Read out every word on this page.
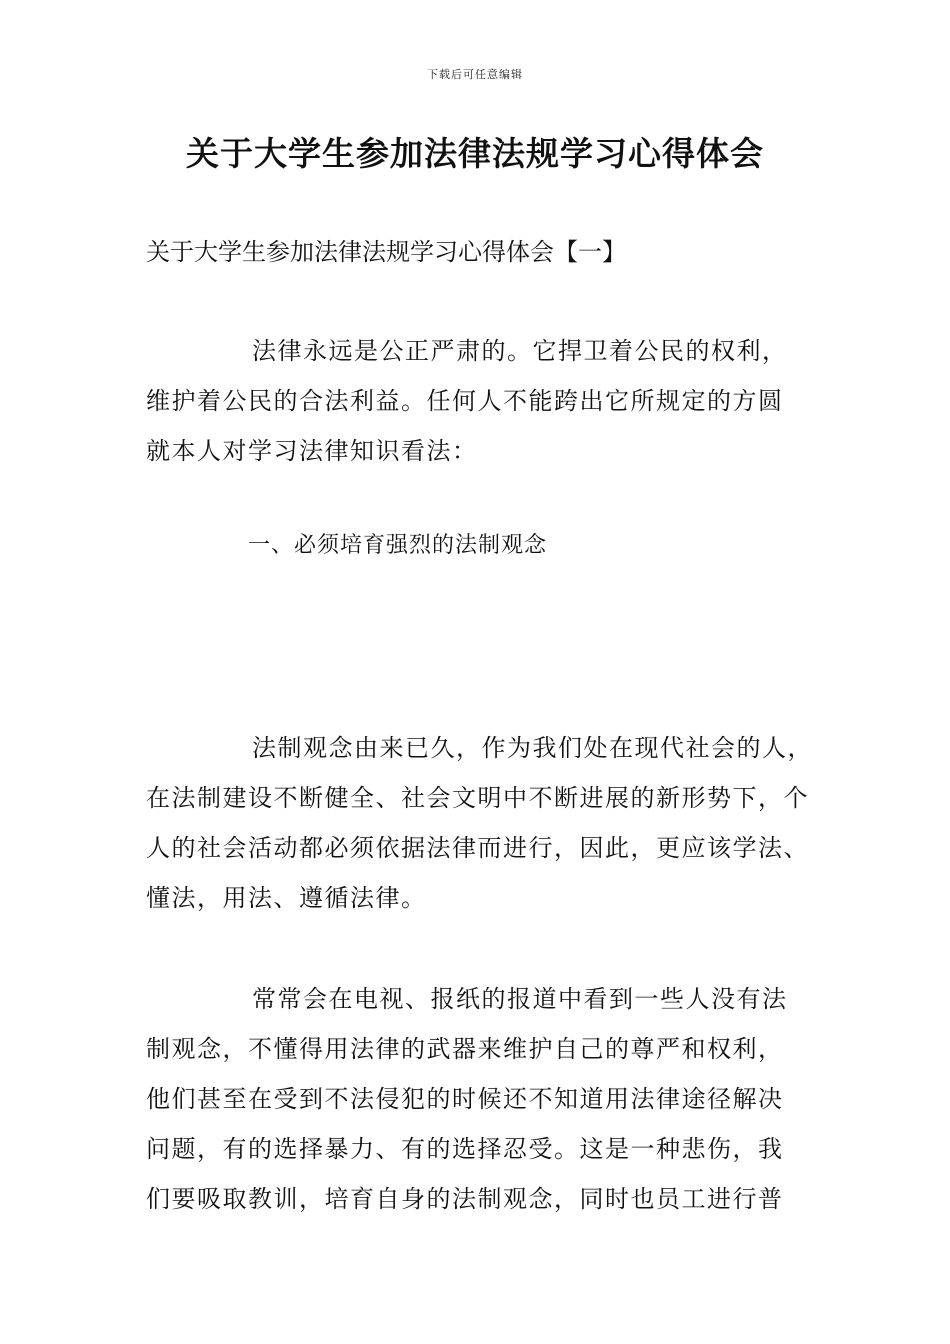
下载后可任意编辑
关于大学生参加法律法规学习心得体会
关于大学生参加法律法规学习心得体会【一】

法律永远是公正严肃的。它捍卫着公民的权利，维护着公民的合法利益。任何人不能跨出它所规定的方圆就本人对学习法律知识看法：

一、必须培育强烈的法制观念

法制观念由来已久，作为我们处在现代社会的人，在法制建设不断健全、社会文明中不断进展的新形势下，个人的社会活动都必须依据法律而进行，因此，更应该学法、懂法，用法、遵循法律。

常常会在电视、报纸的报道中看到一些人没有法制观念，不懂得用法律的武器来维护自己的尊严和权利，他们甚至在受到不法侵犯的时候还不知道用法律途径解决问题，有的选择暴力、有的选择忍受。这是一种悲伤，我们要吸取教训，培育自身的法制观念，同时也员工进行普
